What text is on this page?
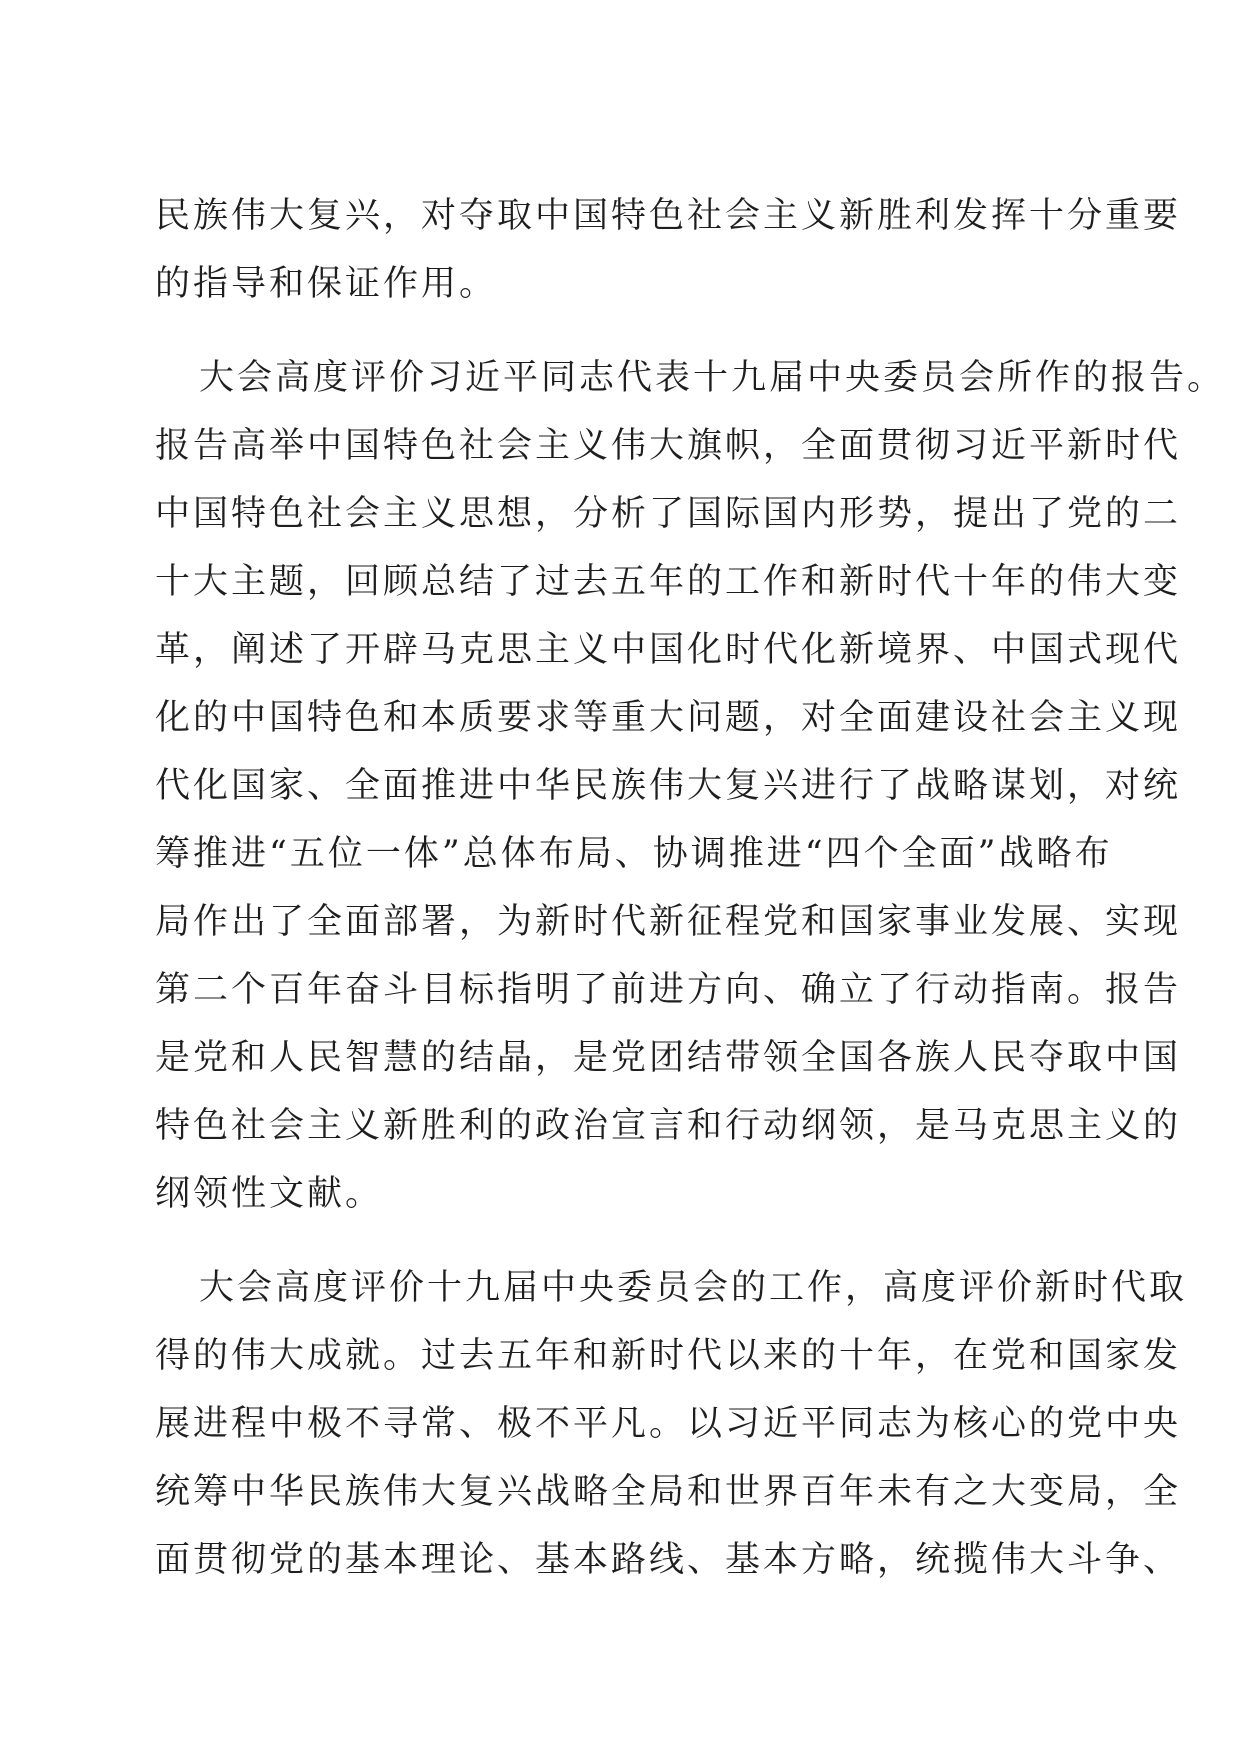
民族伟大复兴，对夺取中国特色社会主义新胜利发挥十分重要
的指导和保证作用。

大会高度评价习近平同志代表十九届中央委员会所作的报告。
报告高举中国特色社会主义伟大旗帜，全面贯彻习近平新时代
中国特色社会主义思想，分析了国际国内形势，提出了党的二
十大主题，回顾总结了过去五年的工作和新时代十年的伟大变
革，阐述了开辟马克思主义中国化时代化新境界、中国式现代
化的中国特色和本质要求等重大问题，对全面建设社会主义现
代化国家、全面推进中华民族伟大复兴进行了战略谋划，对统
筹推进“五位一体”总体布局、协调推进“四个全面”战略布
局作出了全面部署，为新时代新征程党和国家事业发展、实现
第二个百年奋斗目标指明了前进方向、确立了行动指南。报告
是党和人民智慧的结晶，是党团结带领全国各族人民夺取中国
特色社会主义新胜利的政治宣言和行动纲领，是马克思主义的
纲领性文献。

大会高度评价十九届中央委员会的工作，高度评价新时代取
得的伟大成就。过去五年和新时代以来的十年，在党和国家发
展进程中极不寻常、极不平凡。以习近平同志为核心的党中央
统筹中华民族伟大复兴战略全局和世界百年未有之大变局，全
面贯彻党的基本理论、基本路线、基本方略，统揽伟大斗争、
